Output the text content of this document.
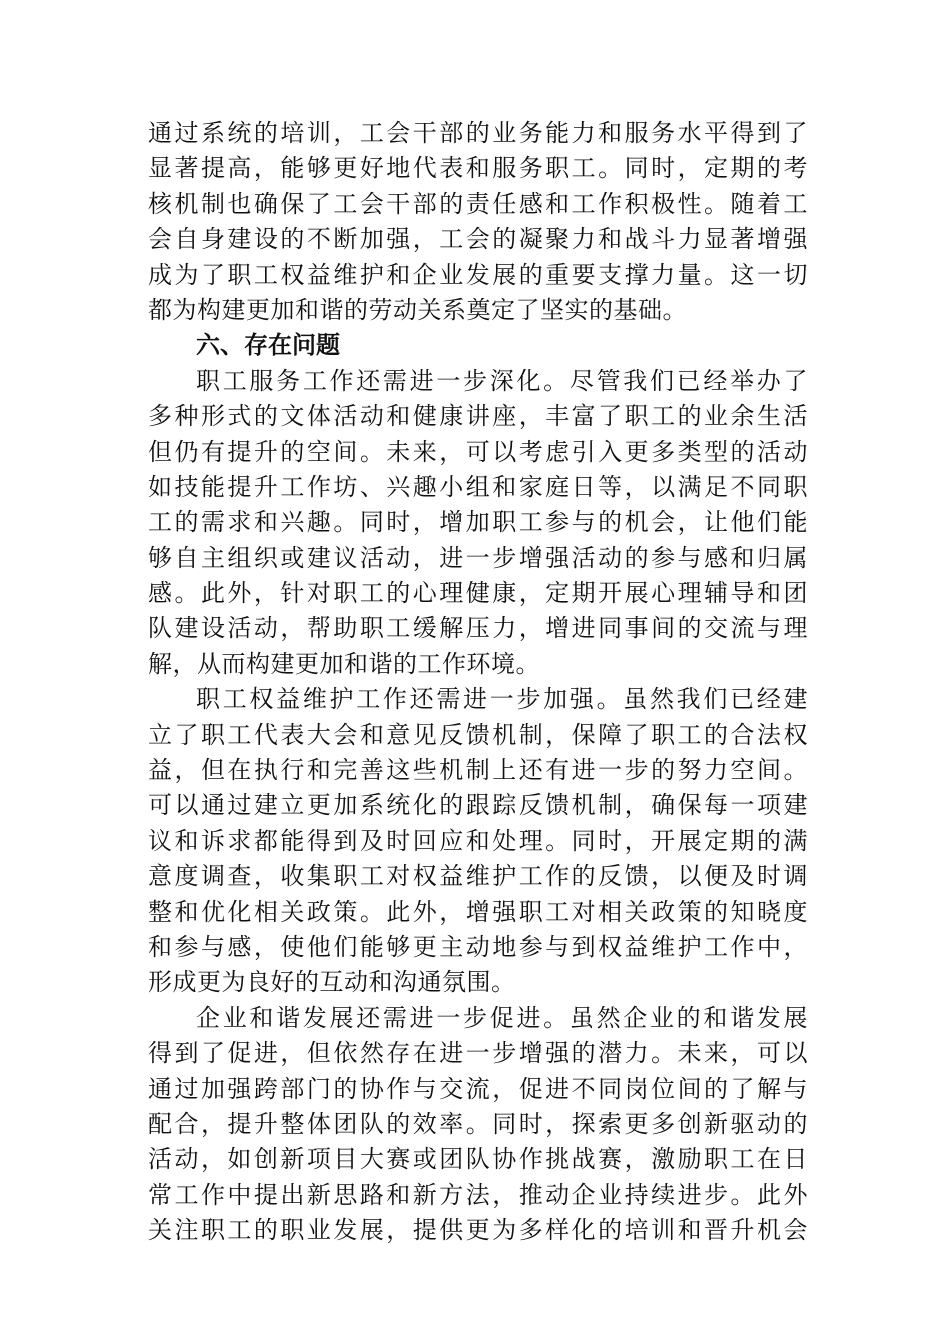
通过系统的培训，工会干部的业务能力和服务水平得到了
显著提高，能够更好地代表和服务职工。同时，定期的考
核机制也确保了工会干部的责任感和工作积极性。随着工
会自身建设的不断加强，工会的凝聚力和战斗力显著增强
成为了职工权益维护和企业发展的重要支撑力量。这一切
都为构建更加和谐的劳动关系奠定了坚实的基础。
六、存在问题
职工服务工作还需进一步深化。尽管我们已经举办了
多种形式的文体活动和健康讲座，丰富了职工的业余生活
但仍有提升的空间。未来，可以考虑引入更多类型的活动
如技能提升工作坊、兴趣小组和家庭日等，以满足不同职
工的需求和兴趣。同时，增加职工参与的机会，让他们能
够自主组织或建议活动，进一步增强活动的参与感和归属
感。此外，针对职工的心理健康，定期开展心理辅导和团
队建设活动，帮助职工缓解压力，增进同事间的交流与理
解，从而构建更加和谐的工作环境。
职工权益维护工作还需进一步加强。虽然我们已经建
立了职工代表大会和意见反馈机制，保障了职工的合法权
益，但在执行和完善这些机制上还有进一步的努力空间。
可以通过建立更加系统化的跟踪反馈机制，确保每一项建
议和诉求都能得到及时回应和处理。同时，开展定期的满
意度调查，收集职工对权益维护工作的反馈，以便及时调
整和优化相关政策。此外，增强职工对相关政策的知晓度
和参与感，使他们能够更主动地参与到权益维护工作中，
形成更为良好的互动和沟通氛围。
企业和谐发展还需进一步促进。虽然企业的和谐发展
得到了促进，但依然存在进一步增强的潜力。未来，可以
通过加强跨部门的协作与交流，促进不同岗位间的了解与
配合，提升整体团队的效率。同时，探索更多创新驱动的
活动，如创新项目大赛或团队协作挑战赛，激励职工在日
常工作中提出新思路和新方法，推动企业持续进步。此外
关注职工的职业发展，提供更为多样化的培训和晋升机会
